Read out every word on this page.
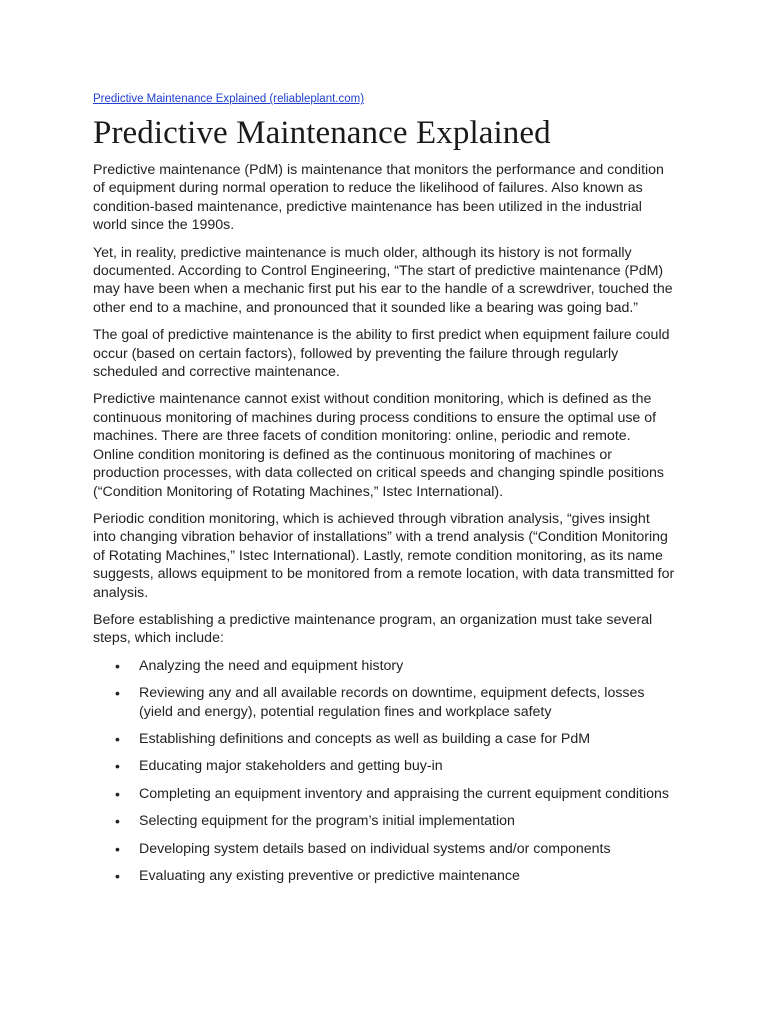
Predictive Maintenance Explained (reliableplant.com)
Predictive Maintenance Explained

Predictive maintenance (PdM) is maintenance that monitors the performance and condition of equipment during normal operation to reduce the likelihood of failures. Also known as condition-based maintenance, predictive maintenance has been utilized in the industrial world since the 1990s.

Yet, in reality, predictive maintenance is much older, although its history is not formally documented. According to Control Engineering, “The start of predictive maintenance (PdM) may have been when a mechanic first put his ear to the handle of a screwdriver, touched the other end to a machine, and pronounced that it sounded like a bearing was going bad.”

The goal of predictive maintenance is the ability to first predict when equipment failure could occur (based on certain factors), followed by preventing the failure through regularly scheduled and corrective maintenance.

Predictive maintenance cannot exist without condition monitoring, which is defined as the continuous monitoring of machines during process conditions to ensure the optimal use of machines. There are three facets of condition monitoring: online, periodic and remote. Online condition monitoring is defined as the continuous monitoring of machines or production processes, with data collected on critical speeds and changing spindle positions (“Condition Monitoring of Rotating Machines,” Istec International).

Periodic condition monitoring, which is achieved through vibration analysis, “gives insight into changing vibration behavior of installations” with a trend analysis (“Condition Monitoring of Rotating Machines,” Istec International). Lastly, remote condition monitoring, as its name suggests, allows equipment to be monitored from a remote location, with data transmitted for analysis.

Before establishing a predictive maintenance program, an organization must take several steps, which include:

• Analyzing the need and equipment history
• Reviewing any and all available records on downtime, equipment defects, losses (yield and energy), potential regulation fines and workplace safety
• Establishing definitions and concepts as well as building a case for PdM
• Educating major stakeholders and getting buy-in
• Completing an equipment inventory and appraising the current equipment conditions
• Selecting equipment for the program’s initial implementation
• Developing system details based on individual systems and/or components
• Evaluating any existing preventive or predictive maintenance
